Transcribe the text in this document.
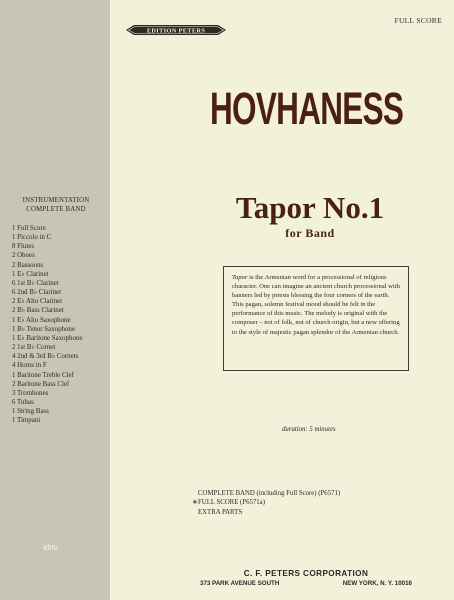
INSTRUMENTATION
COMPLETE BAND
1 Full Score
1 Piccolo in C
8 Flutes
2 Oboes
2 Bassoons
1 E♭ Clarinet
6 1st B♭ Clarinet
6 2nd B♭ Clarinet
2 E♭ Alto Clarinet
2 B♭ Bass Clarinet
1 E♭ Alto Saxophone
1 B♭ Tenor Saxophone
1 E♭ Baritone Saxophone
2 1st B♭ Cornet
4 2nd & 3rd B♭ Cornets
4 Horns in F
1 Baritone Treble Clef
2 Baritone Bass Clef
3 Trombones
6 Tubas
1 String Bass
1 Timpani
idnv
FULL SCORE
EDITION PETERS
HOVHANESS
Tapor No.1
for Band

Tapor is the Armenian word for a processional of religious character. One can imagine an ancient church processional with banners led by priests blessing the four corners of the earth. This pagan, solemn festival mood should be felt in the performance of this music. The melody is original with the composer – not of folk, not of church origin, but a new offering to the style of majestic pagan splendor of the Armenian church.

duration: 5 minutes
COMPLETE BAND (including Full Score) (P6571)
∗FULL SCORE (P6571a)
EXTRA PARTS
C. F. PETERS CORPORATION
373 PARK AVENUE SOUTH	NEW YORK, N. Y. 10016
